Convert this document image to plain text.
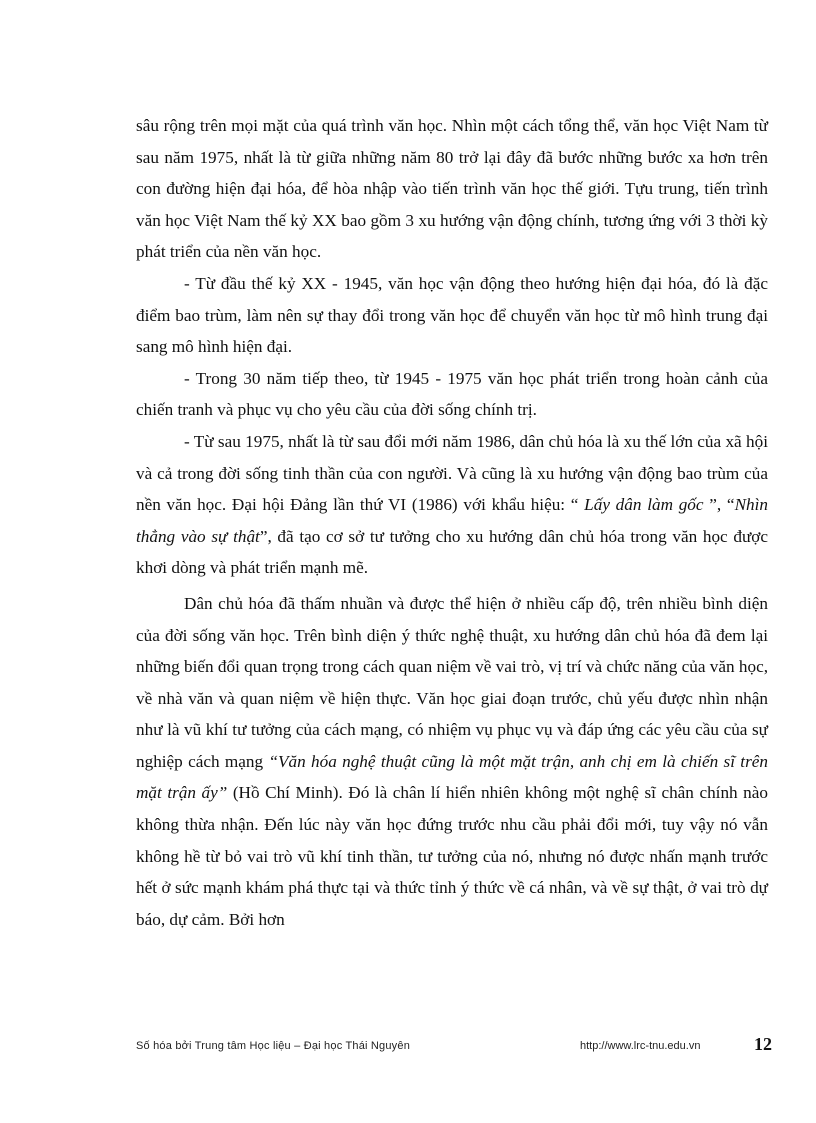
sâu rộng trên mọi mặt của quá trình văn học. Nhìn một cách tổng thể, văn học Việt Nam từ sau năm 1975, nhất là từ giữa những năm 80 trở lại đây đã bước những bước xa hơn trên con đường hiện đại hóa, để hòa nhập vào tiến trình văn học thế giới. Tựu trung, tiến trình văn học Việt Nam thế kỷ XX bao gồm 3 xu hướng vận động chính, tương ứng với 3 thời kỳ phát triển của nền văn học.

- Từ đầu thế kỷ XX - 1945, văn học vận động theo hướng hiện đại hóa, đó là đặc điểm bao trùm, làm nên sự thay đổi trong văn học để chuyển văn học từ mô hình trung đại sang mô hình hiện đại.

- Trong 30 năm tiếp theo, từ 1945 - 1975 văn học phát triển trong hoàn cảnh của chiến tranh và phục vụ cho yêu cầu của đời sống chính trị.

- Từ sau 1975, nhất là từ sau đổi mới năm 1986, dân chủ hóa là xu thế lớn của xã hội và cả trong đời sống tinh thần của con người. Và cũng là xu hướng vận động bao trùm của nền văn học. Đại hội Đảng lần thứ VI (1986) với khẩu hiệu: “ Lấy dân làm gốc ”, “Nhìn thẳng vào sự thật”, đã tạo cơ sở tư tưởng cho xu hướng dân chủ hóa trong văn học được khơi dòng và phát triển mạnh mẽ.

Dân chủ hóa đã thấm nhuần và được thể hiện ở nhiều cấp độ, trên nhiều bình diện của đời sống văn học. Trên bình diện ý thức nghệ thuật, xu hướng dân chủ hóa đã đem lại những biến đổi quan trọng trong cách quan niệm về vai trò, vị trí và chức năng của văn học, về nhà văn và quan niệm về hiện thực. Văn học giai đoạn trước, chủ yếu được nhìn nhận như là vũ khí tư tưởng của cách mạng, có nhiệm vụ phục vụ và đáp ứng các yêu cầu của sự nghiệp cách mạng “Văn hóa nghệ thuật cũng là một mặt trận, anh chị em là chiến sĩ trên mặt trận ấy” (Hồ Chí Minh). Đó là chân lí hiển nhiên không một nghệ sĩ chân chính nào không thừa nhận. Đến lúc này văn học đứng trước nhu cầu phải đổi mới, tuy vậy nó vẫn không hề từ bỏ vai trò vũ khí tinh thần, tư tưởng của nó, nhưng nó được nhấn mạnh trước hết ở sức mạnh khám phá thực tại và thức tỉnh ý thức về cá nhân, và về sự thật, ở vai trò dự báo, dự cảm. Bởi hơn

Số hóa bởi Trung tâm Học liệu – Đại học Thái Nguyên	http://www.lrc-tnu.edu.vn	12
